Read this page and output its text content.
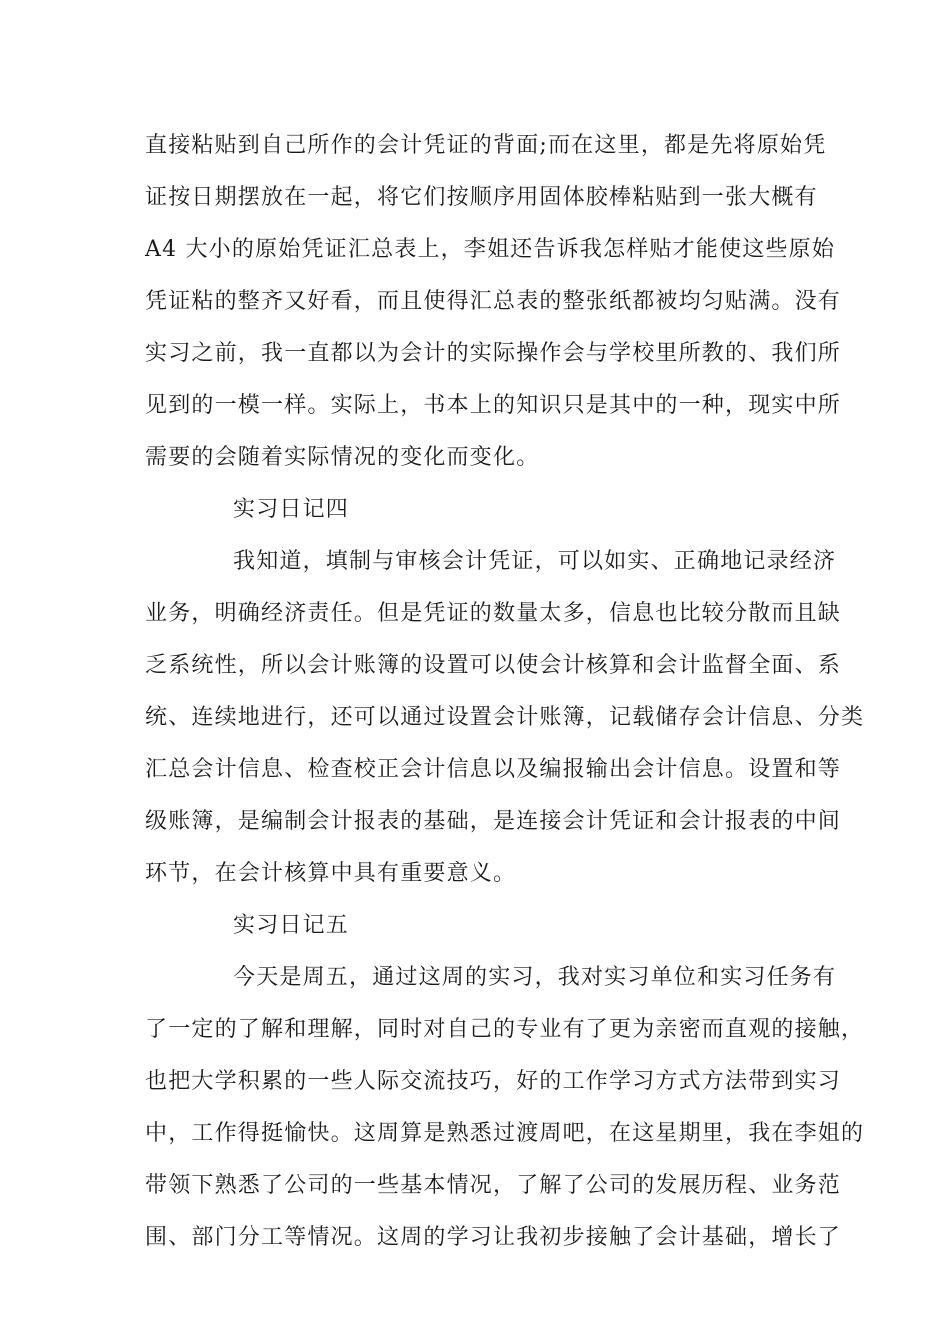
直接粘贴到自己所作的会计凭证的背面;而在这里，都是先将原始凭
证按日期摆放在一起，将它们按顺序用固体胶棒粘贴到一张大概有
A4 大小的原始凭证汇总表上，李姐还告诉我怎样贴才能使这些原始
凭证粘的整齐又好看，而且使得汇总表的整张纸都被均匀贴满。没有
实习之前，我一直都以为会计的实际操作会与学校里所教的、我们所
见到的一模一样。实际上，书本上的知识只是其中的一种，现实中所
需要的会随着实际情况的变化而变化。
实习日记四
我知道，填制与审核会计凭证，可以如实、正确地记录经济
业务，明确经济责任。但是凭证的数量太多，信息也比较分散而且缺
乏系统性，所以会计账簿的设置可以使会计核算和会计监督全面、系
统、连续地进行，还可以通过设置会计账簿，记载储存会计信息、分类
汇总会计信息、检查校正会计信息以及编报输出会计信息。设置和等
级账簿，是编制会计报表的基础，是连接会计凭证和会计报表的中间
环节，在会计核算中具有重要意义。
实习日记五
今天是周五，通过这周的实习，我对实习单位和实习任务有
了一定的了解和理解，同时对自己的专业有了更为亲密而直观的接触，
也把大学积累的一些人际交流技巧，好的工作学习方式方法带到实习
中，工作得挺愉快。这周算是熟悉过渡周吧，在这星期里，我在李姐的
带领下熟悉了公司的一些基本情况，了解了公司的发展历程、业务范
围、部门分工等情况。这周的学习让我初步接触了会计基础，增长了
